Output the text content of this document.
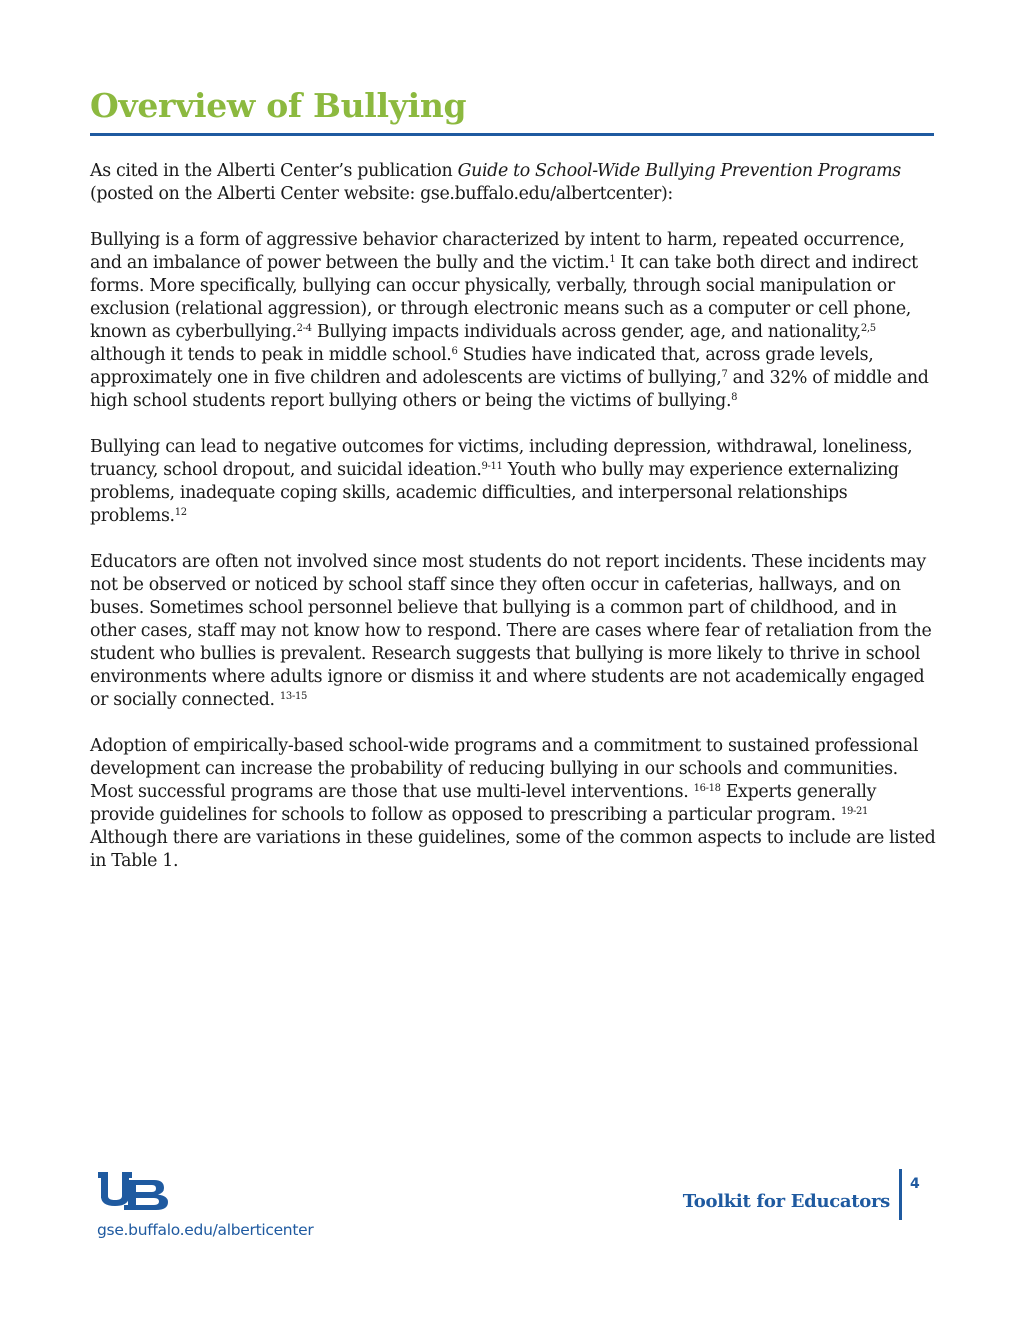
Overview of Bullying

As cited in the Alberti Center’s publication Guide to School-Wide Bullying Prevention Programs (posted on the Alberti Center website: gse.buffalo.edu/albertcenter):

Bullying is a form of aggressive behavior characterized by intent to harm, repeated occurrence, and an imbalance of power between the bully and the victim.$^1$ It can take both direct and indirect forms. More specifically, bullying can occur physically, verbally, through social manipulation or exclusion (relational aggression), or through electronic means such as a computer or cell phone, known as cyberbullying.$^{2-4}$ Bullying impacts individuals across gender, age, and nationality,$^{2,5}$ although it tends to peak in middle school.$^6$ Studies have indicated that, across grade levels, approximately one in five children and adolescents are victims of bullying,$^7$ and 32% of middle and high school students report bullying others or being the victims of bullying.$^8$

Bullying can lead to negative outcomes for victims, including depression, withdrawal, loneliness, truancy, school dropout, and suicidal ideation.$^{9-11}$ Youth who bully may experience externalizing problems, inadequate coping skills, academic difficulties, and interpersonal relationships problems.$^{12}$

Educators are often not involved since most students do not report incidents. These incidents may not be observed or noticed by school staff since they often occur in cafeterias, hallways, and on buses. Sometimes school personnel believe that bullying is a common part of childhood, and in other cases, staff may not know how to respond. There are cases where fear of retaliation from the student who bullies is prevalent. Research suggests that bullying is more likely to thrive in school environments where adults ignore or dismiss it and where students are not academically engaged or socially connected. $^{13-15}$

Adoption of empirically-based school-wide programs and a commitment to sustained professional development can increase the probability of reducing bullying in our schools and communities. Most successful programs are those that use multi-level interventions. $^{16-18}$ Experts generally provide guidelines for schools to follow as opposed to prescribing a particular program. $^{19-21}$ Although there are variations in these guidelines, some of the common aspects to include are listed in Table 1.

gse.buffalo.edu/alberticenter
Toolkit for Educators
4
